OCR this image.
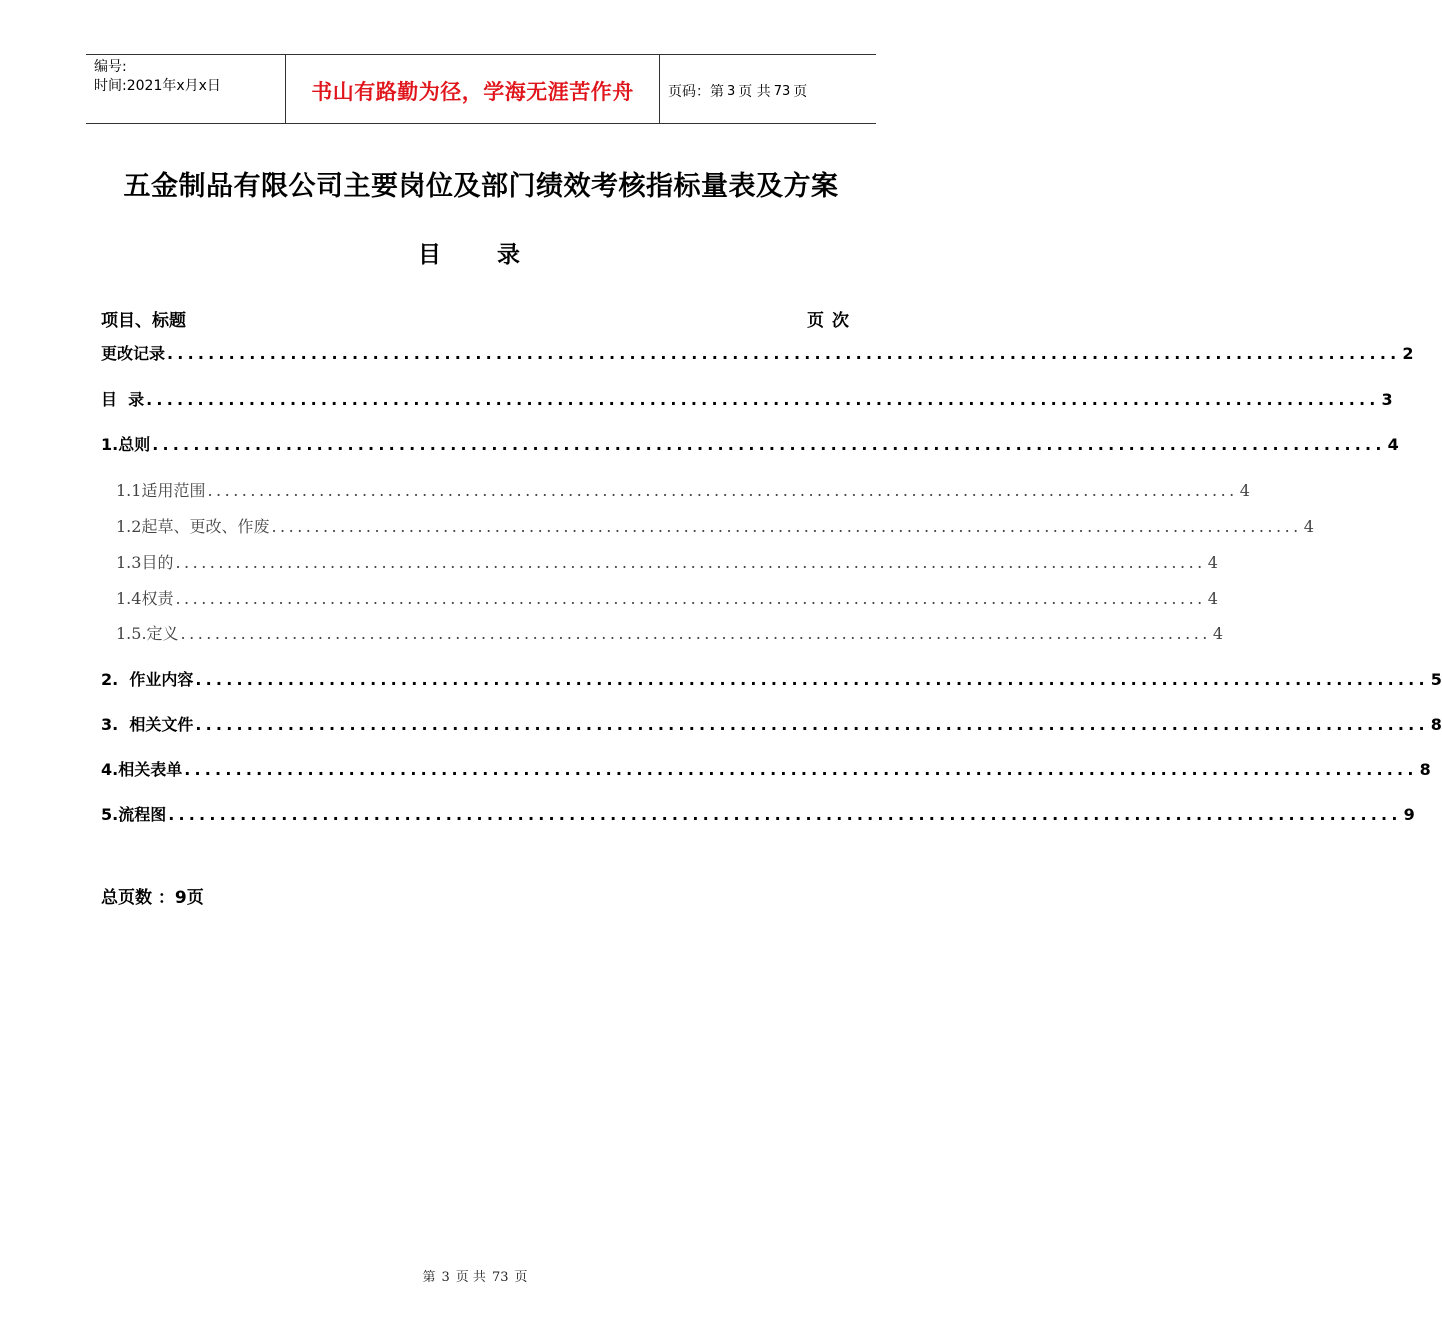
编号:
时间:2021年x月x日	书山有路勤为径，学海无涯苦作舟 页码：第 3 页 共 73 页
五金制品有限公司主要岗位及部门绩效考核指标量表及方案
目 录
项目、标题	页次
更改记录 ........................................................................................................................ 2
目  录 ........................................................................................................................ 3
1.总则 ........................................................................................................................ 4
1.1适用范围 ........................................................................................................................ 4
1.2起草、更改、作废 ........................................................................................................................ 4
1.3目的 ........................................................................................................................ 4
1.4权责 ........................................................................................................................ 4
1.5.定义 ........................................................................................................................ 4
2.  作业内容 ........................................................................................................................ 5
3.  相关文件 ........................................................................................................................ 8
4.相关表单 ........................................................................................................................ 8
5.流程图 ........................................................................................................................ 9
总页数 ：9页
第 3 页 共 73 页
